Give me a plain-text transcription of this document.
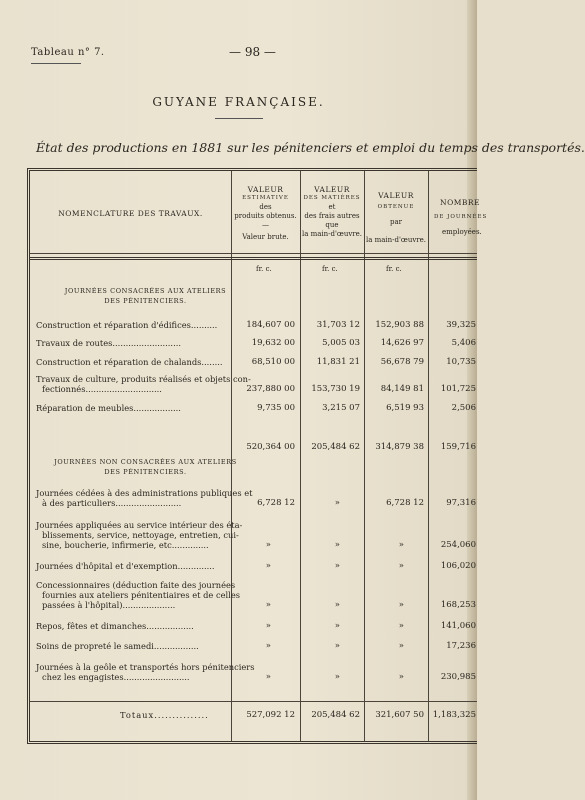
Tableau n° 7.	— 98 —
GUYANE FRANÇAISE.
État des productions en 1881 sur les pénitenciers et emploi du temps des transportés.
NOMENCLATURE DES TRAVAUX.
VALEUR
ESTIMATIVE
des
produits obtenus.
—
Valeur brute.
VALEUR
DES MATIÈRES
et
des frais autres
que
la main-d'œuvre.
VALEUR
OBTENUE
par
la main-d'œuvre.
NOMBRE
DE JOURNÉES
employées.
fr. c.	fr. c.	fr. c.
JOURNÉES CONSACRÉES AUX ATELIERS
DES PÉNITENCIERS.
Construction et réparation d'édifices..........	184,607 00	31,703 12	152,903 88	39,325
Travaux de routes..........................	19,632 00	5,005 03	14,626 97	5,406
Construction et réparation de chalands........	68,510 00	11,831 21	56,678 79	10,735
Travaux de culture, produits réalisés et objets con-
fectionnés.............................	237,880 00	153,730 19	84,149 81	101,725
Réparation de meubles..................	9,735 00	3,215 07	6,519 93	2,506
520,364 00	205,484 62	314,879 38	159,716
JOURNÉES NON CONSACRÉES AUX ATELIERS
DES PÉNITENCIERS.
Journées cédées à des administrations publiques et
à des particuliers.........................	6,728 12	»	6,728 12	97,316
Journées appliquées au service intérieur des éta-
blissements, service, nettoyage, entretien, cui-
sine, boucherie, infirmerie, etc..............	»	»	»	254,060
Journées d'hôpital et d'exemption..............	»	»	»	106,020
Concessionnaires (déduction faite des journées
fournies aux ateliers pénitentiaires et de celles
passées à l'hôpital)....................	»	»	»	168,253
Repos, fêtes et dimanches..................	»	»	»	141,060
Soins de propreté le samedi.................	»	»	»	17,236
Journées à la geôle et transportés hors pénitenciers
chez les engagistes.........................	»	»	»	230,985
Totaux...............	527,092 12	205,484 62	321,607 50	1,183,325
